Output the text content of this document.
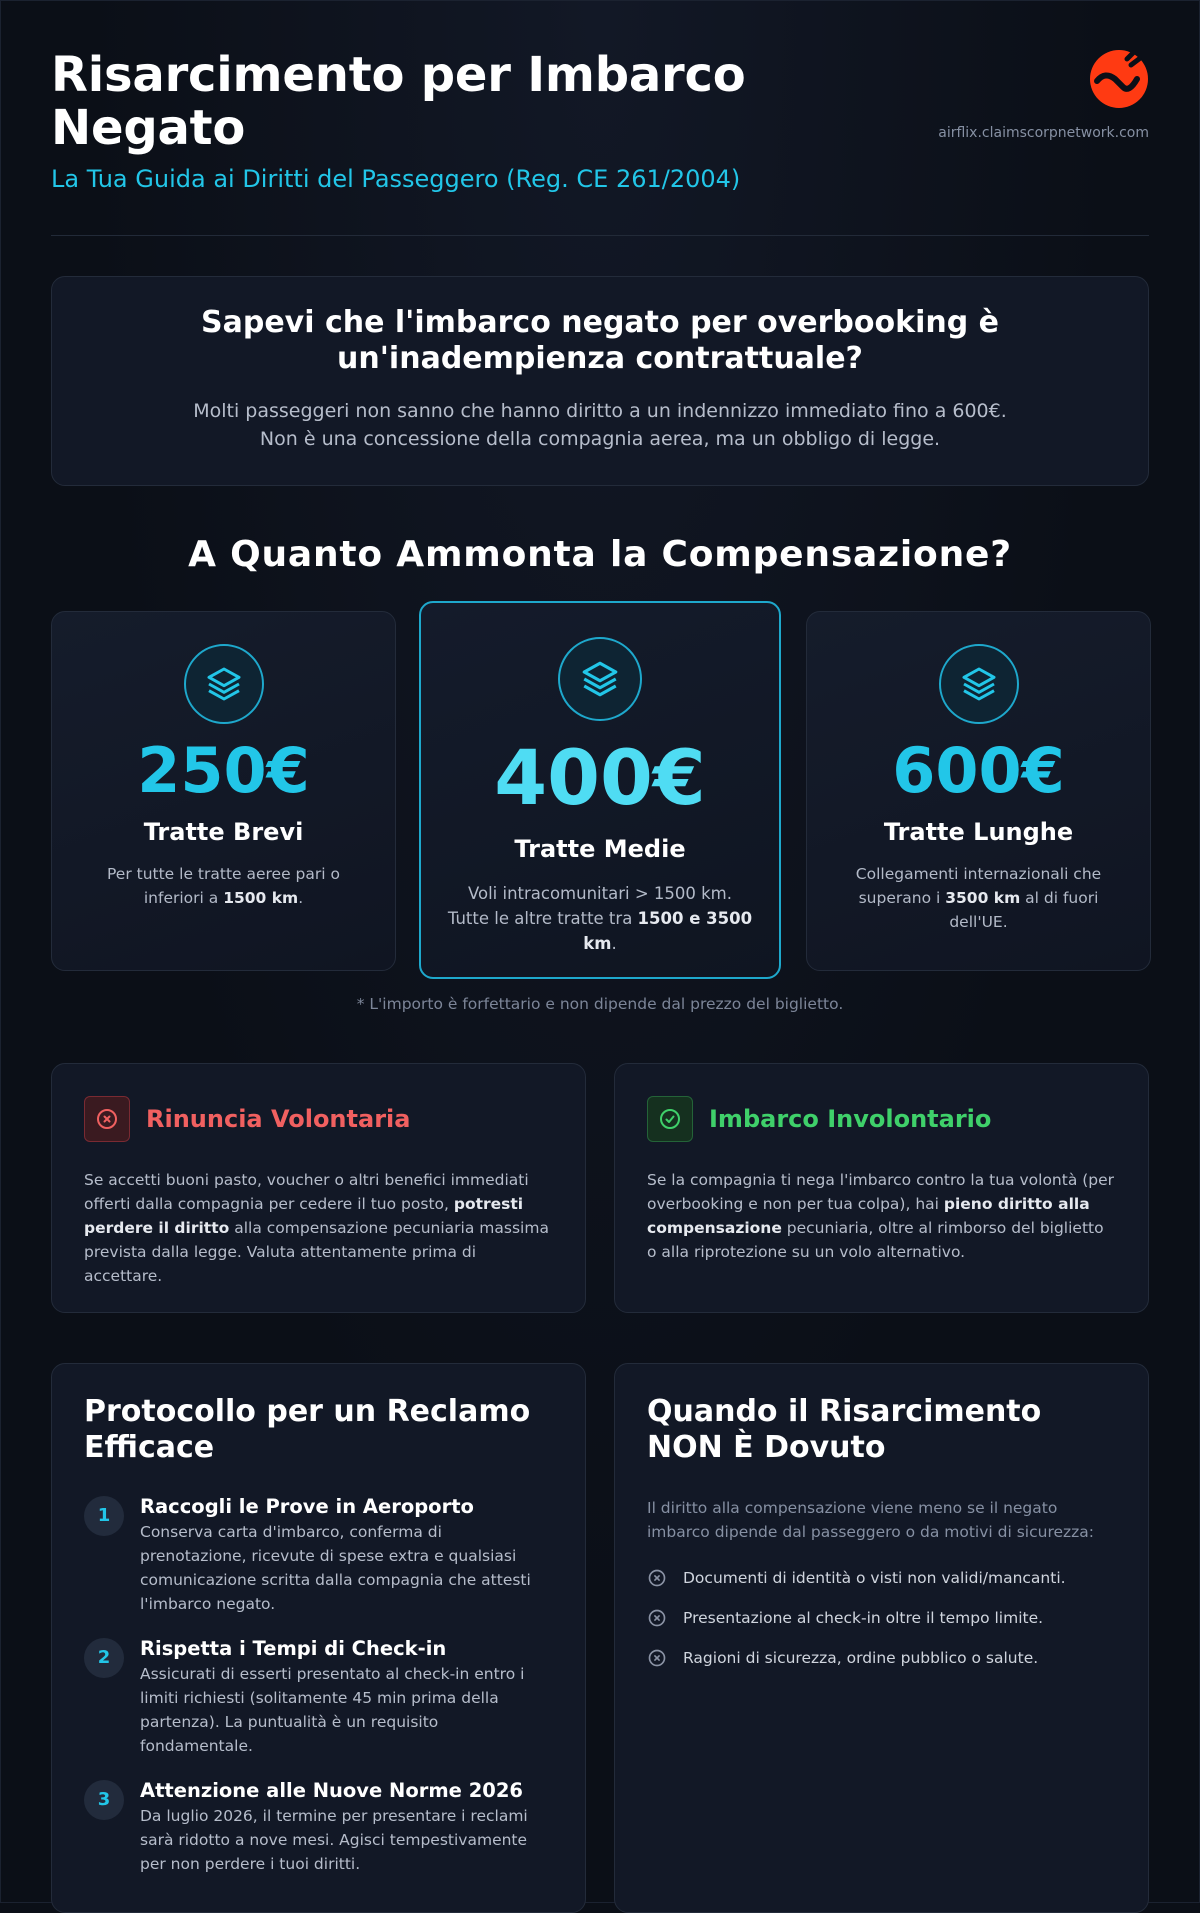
Risarcimento per Imbarco Negato
La Tua Guida ai Diritti del Passeggero (Reg. CE 261/2004)
airflix.claimscorpnetwork.com
Sapevi che l'imbarco negato per overbooking è un'inadempienza contrattuale?

Molti passeggeri non sanno che hanno diritto a un indennizzo immediato fino a 600€.
Non è una concessione della compagnia aerea, ma un obbligo di legge.

A Quanto Ammonta la Compensazione?
250€
Tratte Brevi
Per tutte le tratte aeree pari o inferiori a 1500 km.
400€
Tratte Medie
Voli intracomunitari > 1500 km. Tutte le altre tratte tra 1500 e 3500 km.
600€
Tratte Lunghe
Collegamenti internazionali che superano i 3500 km al di fuori dell'UE.
* L'importo è forfettario e non dipende dal prezzo del biglietto.
Rinuncia Volontaria

Se accetti buoni pasto, voucher o altri benefici immediati offerti dalla compagnia per cedere il tuo posto, potresti perdere il diritto alla compensazione pecuniaria massima prevista dalla legge. Valuta attentamente prima di accettare.

Imbarco Involontario

Se la compagnia ti nega l'imbarco contro la tua volontà (per overbooking e non per tua colpa), hai pieno diritto alla compensazione pecuniaria, oltre al rimborso del biglietto o alla riprotezione su un volo alternativo.

Protocollo per un Reclamo Efficace
1	Raccogli le Prove in Aeroporto
Conserva carta d'imbarco, conferma di prenotazione, ricevute di spese extra e qualsiasi comunicazione scritta dalla compagnia che attesti l'imbarco negato.
2	Rispetta i Tempi di Check-in
Assicurati di esserti presentato al check-in entro i limiti richiesti (solitamente 45 min prima della partenza). La puntualità è un requisito fondamentale.
3	Attenzione alle Nuove Norme 2026
Da luglio 2026, il termine per presentare i reclami sarà ridotto a nove mesi. Agisci tempestivamente per non perdere i tuoi diritti.
Quando il Risarcimento NON È Dovuto
Il diritto alla compensazione viene meno se il negato imbarco dipende dal passeggero o da motivi di sicurezza:
Documenti di identità o visti non validi/mancanti.
Presentazione al check-in oltre il tempo limite.
Ragioni di sicurezza, ordine pubblico o salute.
